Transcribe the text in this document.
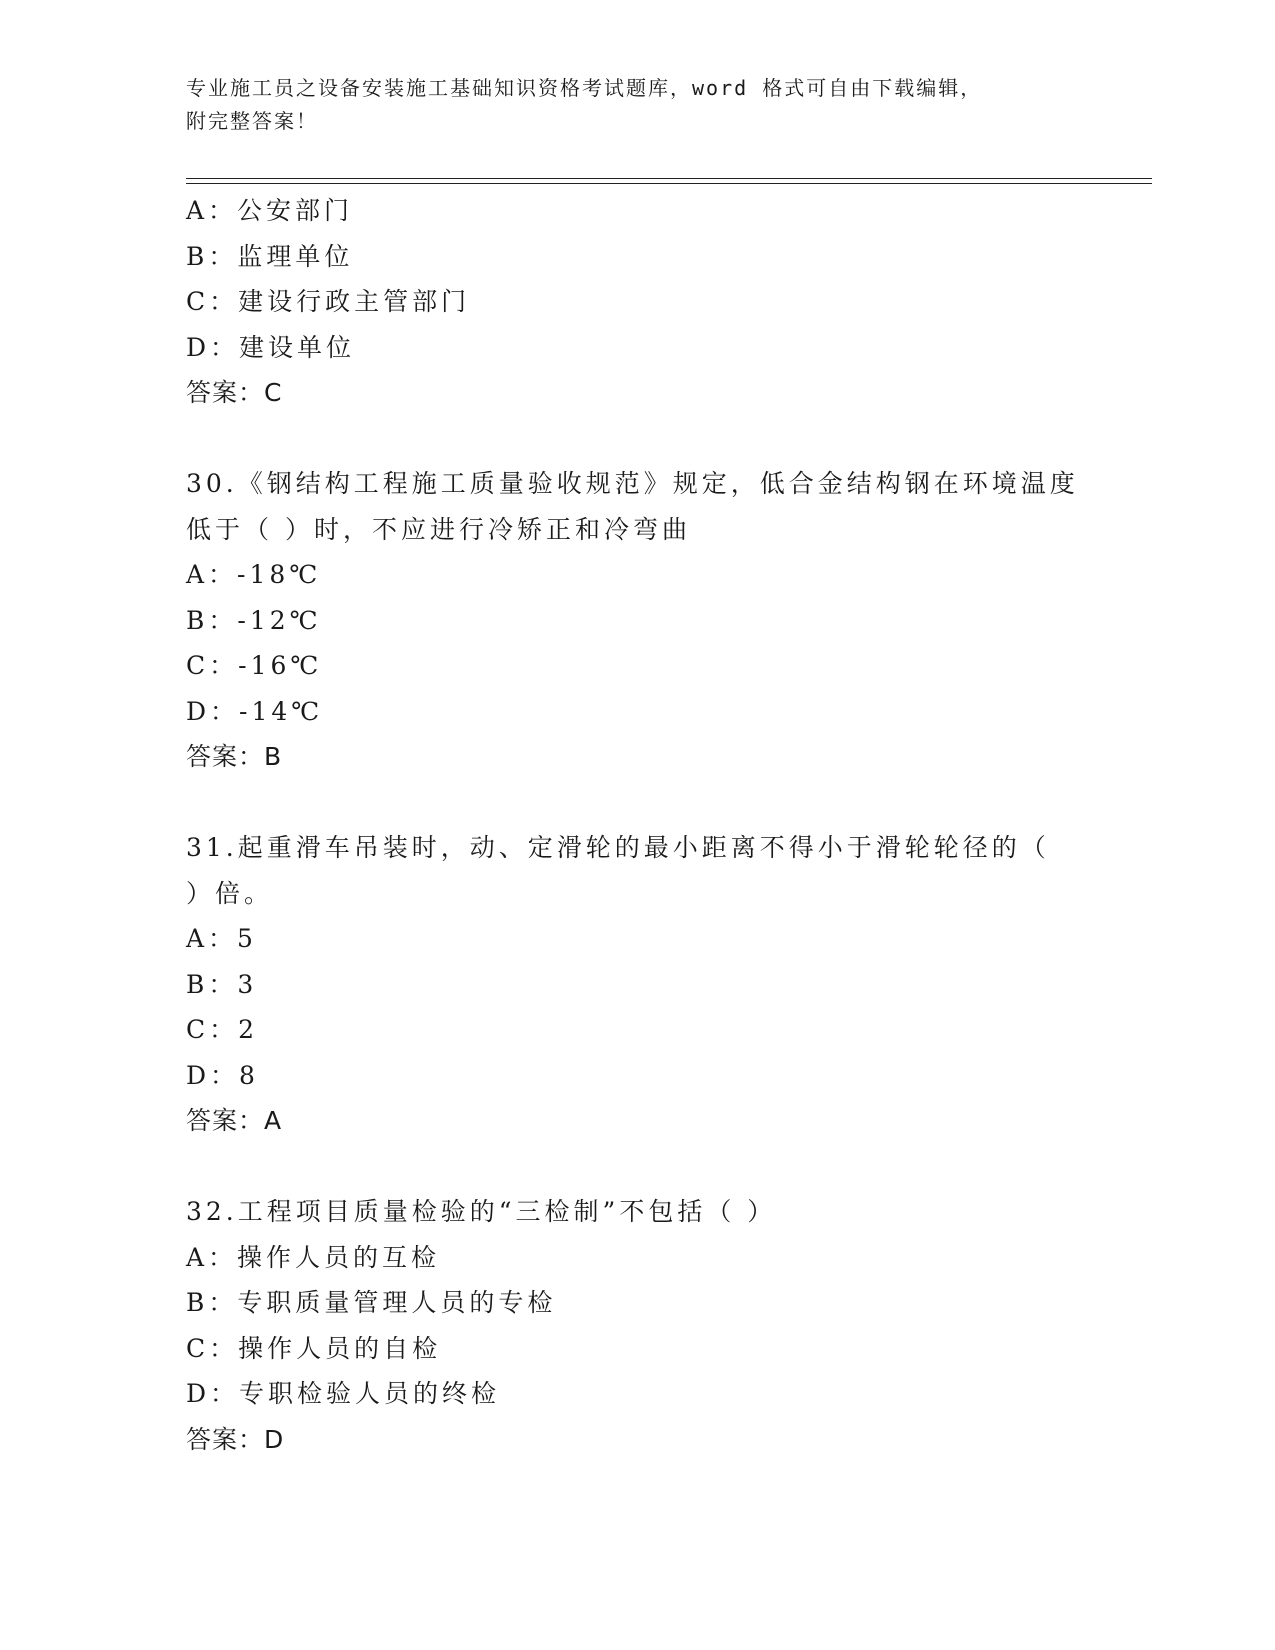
专业施工员之设备安装施工基础知识资格考试题库，word 格式可自由下载编辑，
附完整答案！
A：公安部门
B：监理单位
C：建设行政主管部门
D：建设单位
答案：C
30.《钢结构工程施工质量验收规范》规定，低合金结构钢在环境温度
低于（ ）时，不应进行冷矫正和冷弯曲
A：-18℃
B：-12℃
C：-16℃
D：-14℃
答案：B
31.起重滑车吊装时，动、定滑轮的最小距离不得小于滑轮轮径的（
）倍。
A：5
B：3
C：2
D：8
答案：A
32.工程项目质量检验的“三检制”不包括（ ）
A：操作人员的互检
B：专职质量管理人员的专检
C：操作人员的自检
D：专职检验人员的终检
答案：D
